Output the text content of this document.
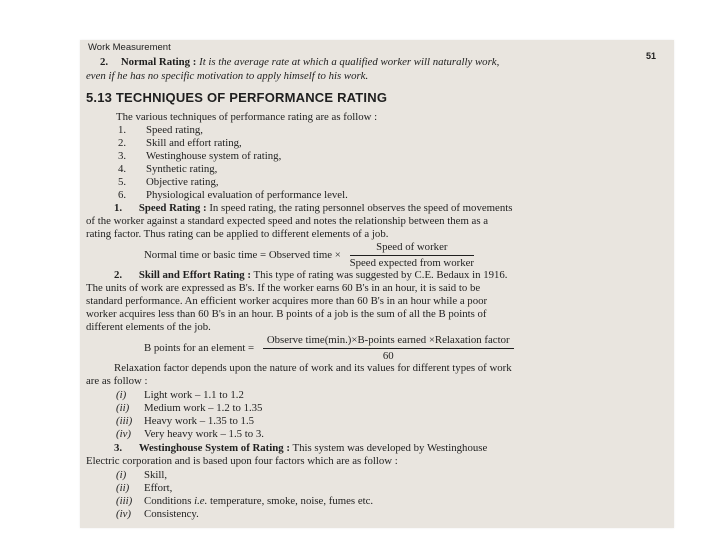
Work Measurement
51
2. Normal Rating : It is the average rate at which a qualified worker will naturally work,
even if he has no specific motivation to apply himself to his work.
5.13 TECHNIQUES OF PERFORMANCE RATING
The various techniques of performance rating are as follow :
1. Speed rating,
2. Skill and effort rating,
3. Westinghouse system of rating,
4. Synthetic rating,
5. Objective rating,
6. Physiological evaluation of performance level.
1. Speed Rating : In speed rating, the rating personnel observes the speed of movements
of the worker against a standard expected speed and notes the relationship between them as a
rating factor. Thus rating can be applied to different elements of a job.
Normal time or basic time = Observed time × $\frac{\text{Speed of worker}}{\text{Speed expected from worker}}$
2. Skill and Effort Rating : This type of rating was suggested by C.E. Bedaux in 1916.
The units of work are expressed as B's. If the worker earns 60 B's in an hour, it is said to be
standard performance. An efficient worker acquires more than 60 B's in an hour while a poor
worker acquires less than 60 B's in an hour. B points of a job is the sum of all the B points of
different elements of the job.
B points for an element = $\frac{\text{Observe time(min.)×B-points earned ×Relaxation factor}}{60}$
Relaxation factor depends upon the nature of work and its values for different types of work
are as follow :
(i) Light work – 1.1 to 1.2
(ii) Medium work – 1.2 to 1.35
(iii) Heavy work – 1.35 to 1.5
(iv) Very heavy work – 1.5 to 3.
3. Westinghouse System of Rating : This system was developed by Westinghouse
Electric corporation and is based upon four factors which are as follow :
(i) Skill,
(ii) Effort,
(iii) Conditions i.e. temperature, smoke, noise, fumes etc.
(iv) Consistency.
